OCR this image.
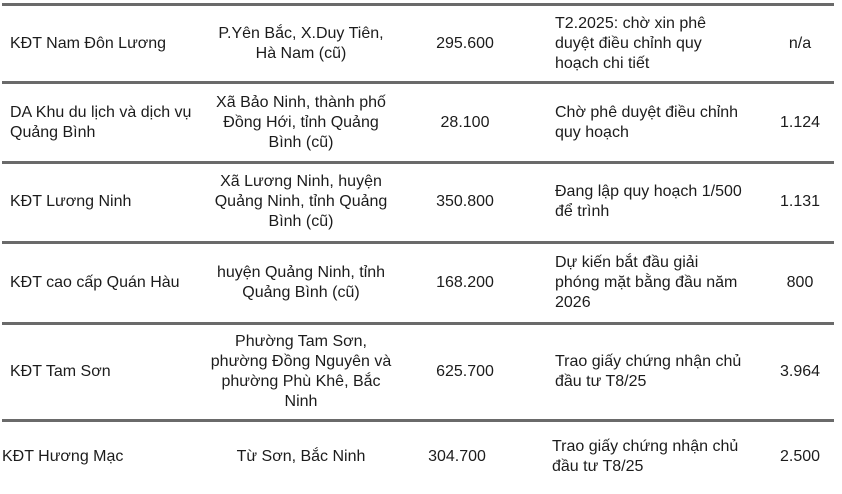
KĐT Nam Đôn Lương
P.Yên Bắc, X.Duy Tiên, Hà Nam (cũ)
295.600
T2.2025: chờ xin phê duyệt điều chỉnh quy hoạch chi tiết
n/a
DA Khu du lịch và dịch vụ Quảng Bình
Xã Bảo Ninh, thành phố Đồng Hới, tỉnh Quảng Bình (cũ)
28.100
Chờ phê duyệt điều chỉnh quy hoạch
1.124
KĐT Lương Ninh
Xã Lương Ninh, huyện Quảng Ninh, tỉnh Quảng Bình (cũ)
350.800
Đang lập quy hoạch 1/500 để trình
1.131
KĐT cao cấp Quán Hàu
huyện Quảng Ninh, tỉnh Quảng Bình (cũ)
168.200
Dự kiến bắt đầu giải phóng mặt bằng đầu năm 2026
800
KĐT Tam Sơn
Phường Tam Sơn, phường Đồng Nguyên và phường Phù Khê, Bắc Ninh
625.700
Trao giấy chứng nhận chủ đầu tư T8/25
3.964
KĐT Hương Mạc	Từ Sơn, Bắc Ninh	304.700
Trao giấy chứng nhận chủ đầu tư T8/25
2.500
